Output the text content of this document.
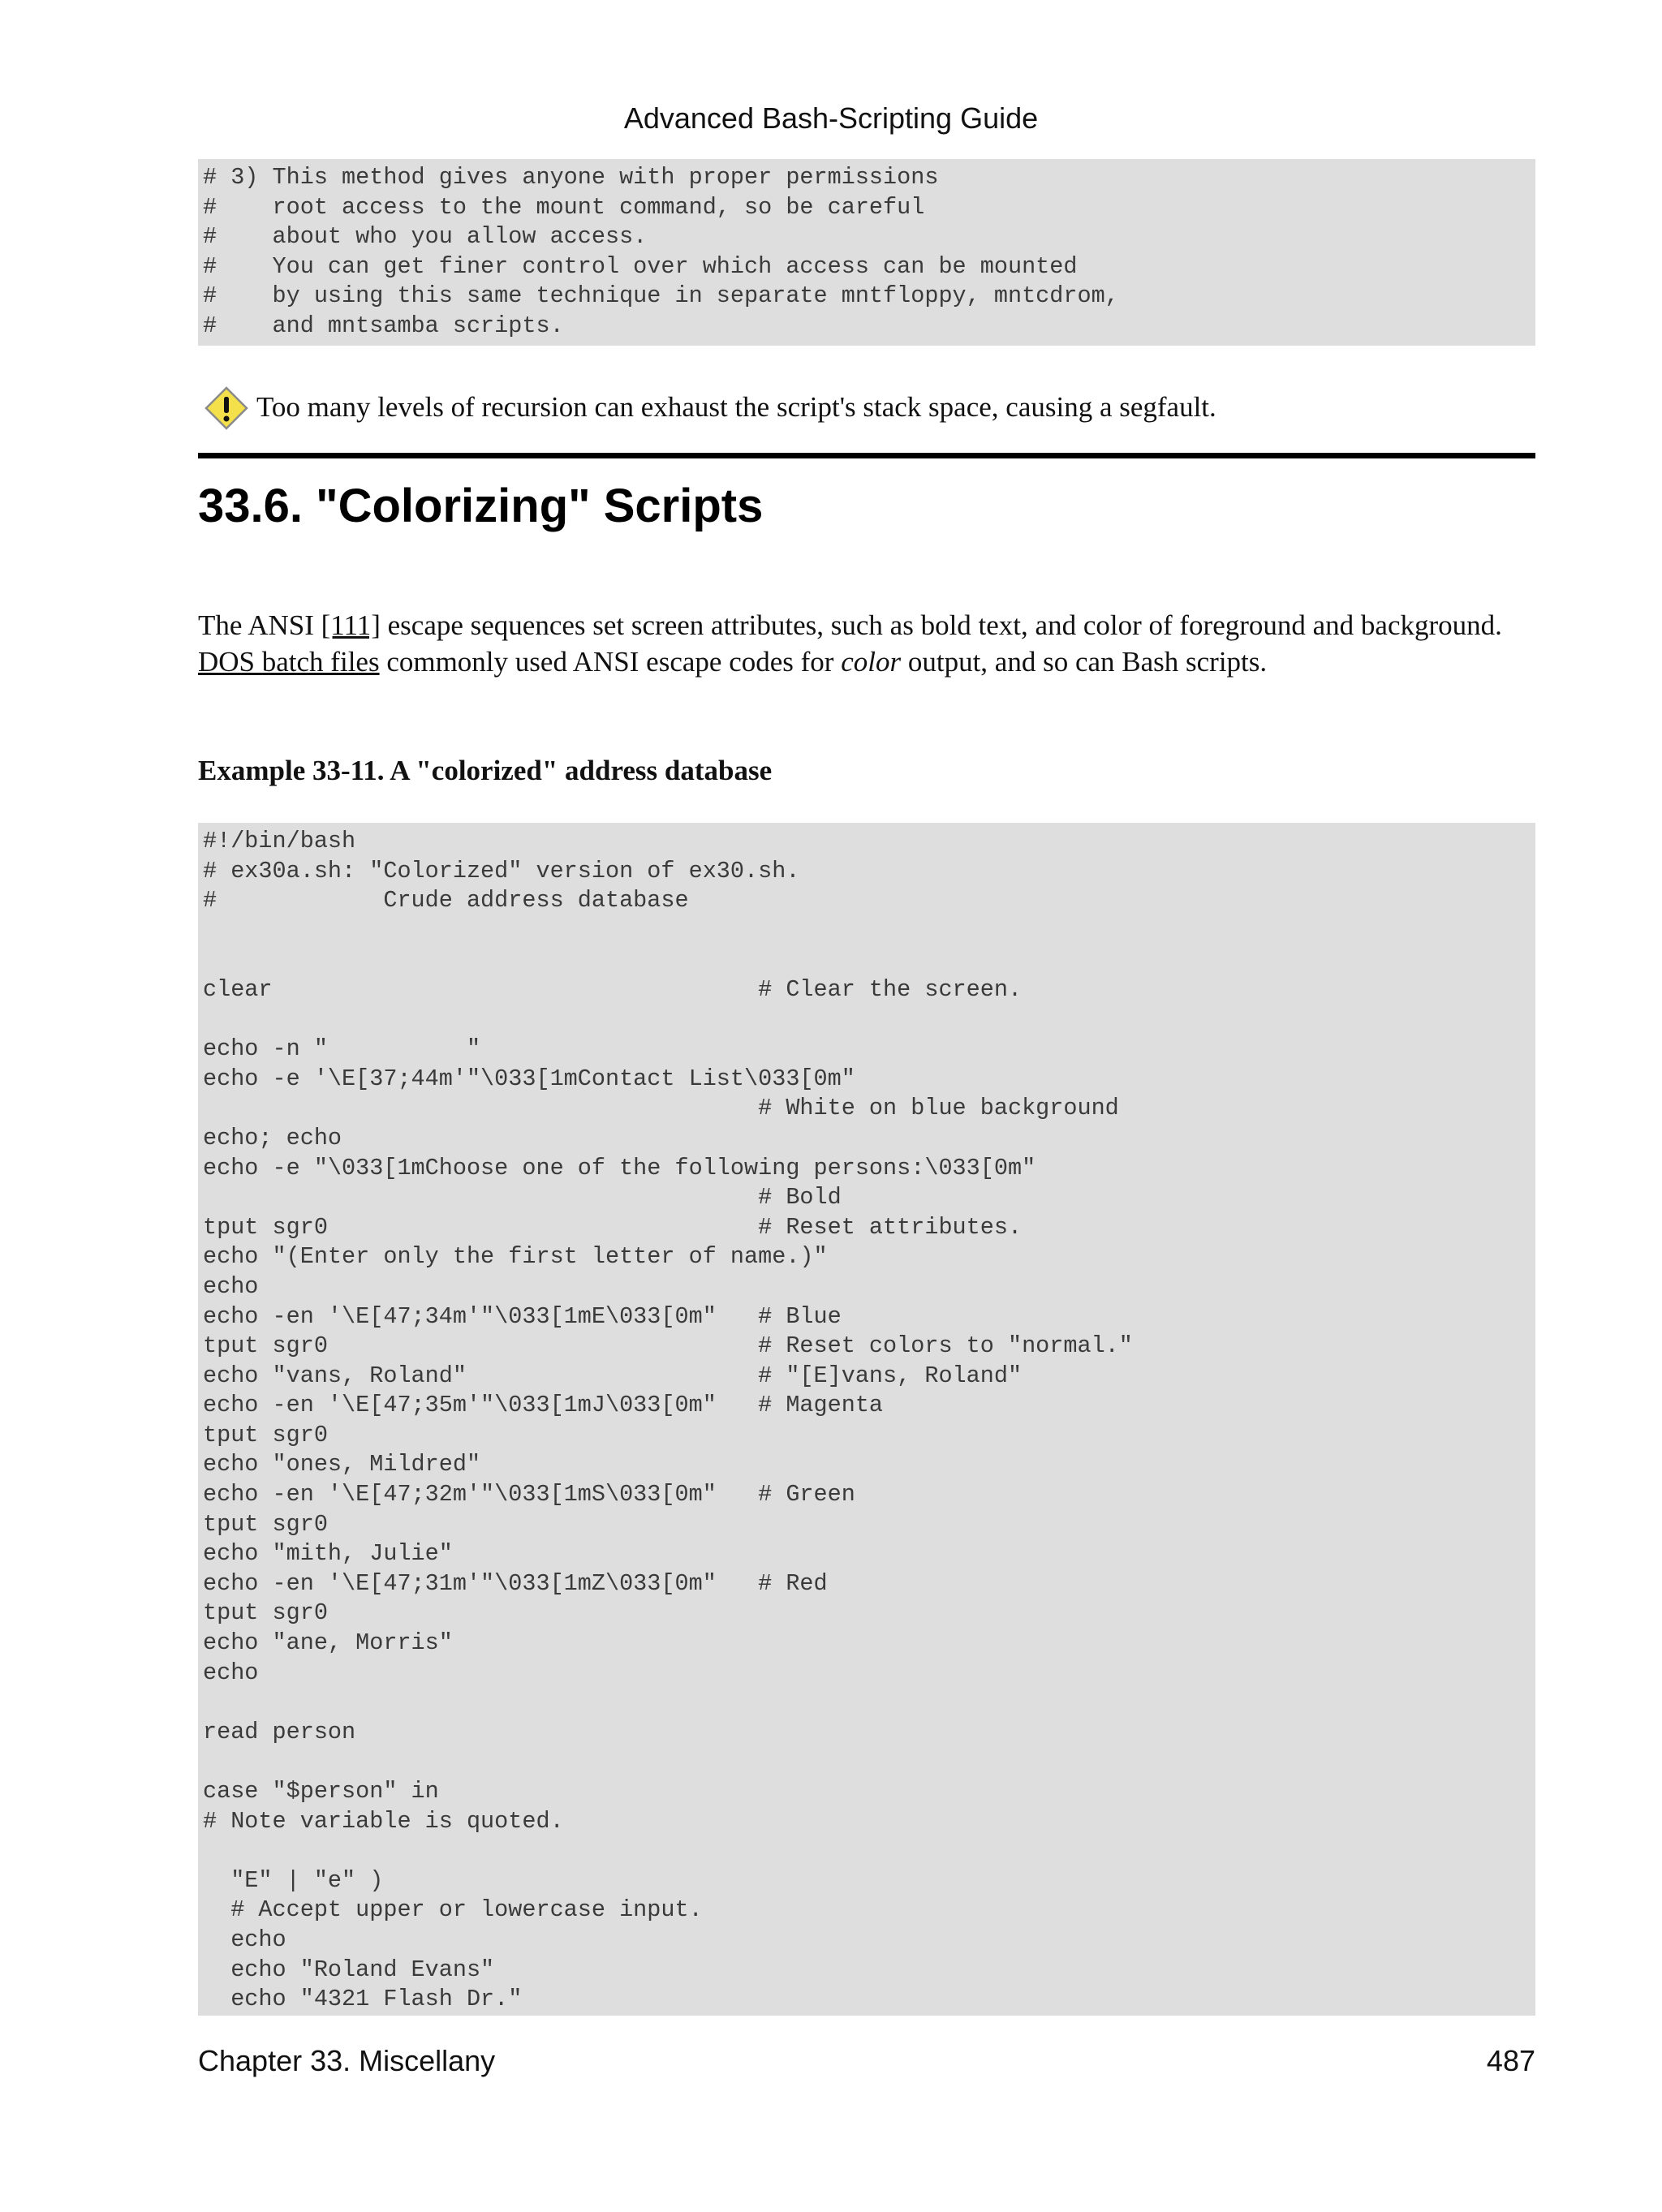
Advanced Bash-Scripting Guide
# 3) This method gives anyone with proper permissions
#    root access to the mount command, so be careful
#    about who you allow access.
#    You can get finer control over which access can be mounted
#    by using this same technique in separate mntfloppy, mntcdrom,
#    and mntsamba scripts.
Too many levels of recursion can exhaust the script's stack space, causing a segfault.
33.6. "Colorizing" Scripts

The ANSI [111] escape sequences set screen attributes, such as bold text, and color of foreground and background. DOS batch files commonly used ANSI escape codes for color output, and so can Bash scripts.

Example 33-11. A "colorized" address database
#!/bin/bash
# ex30a.sh: "Colorized" version of ex30.sh.
#            Crude address database
clear                                   # Clear the screen.
echo -n "          "
echo -e '\E[37;44m'"\033[1mContact List\033[0m"
# White on blue background
echo; echo
echo -e "\033[1mChoose one of the following persons:\033[0m"
# Bold
tput sgr0                               # Reset attributes.
echo "(Enter only the first letter of name.)"
echo
echo -en '\E[47;34m'"\033[1mE\033[0m"   # Blue
tput sgr0                               # Reset colors to "normal."
echo "vans, Roland"                     # "[E]vans, Roland"
echo -en '\E[47;35m'"\033[1mJ\033[0m"   # Magenta
tput sgr0
echo "ones, Mildred"
echo -en '\E[47;32m'"\033[1mS\033[0m"   # Green
tput sgr0
echo "mith, Julie"
echo -en '\E[47;31m'"\033[1mZ\033[0m"   # Red
tput sgr0
echo "ane, Morris"
echo
read person
case "$person" in
# Note variable is quoted.
"E" | "e" )
# Accept upper or lowercase input.
echo
echo "Roland Evans"
echo "4321 Flash Dr."
Chapter 33. Miscellany	487
